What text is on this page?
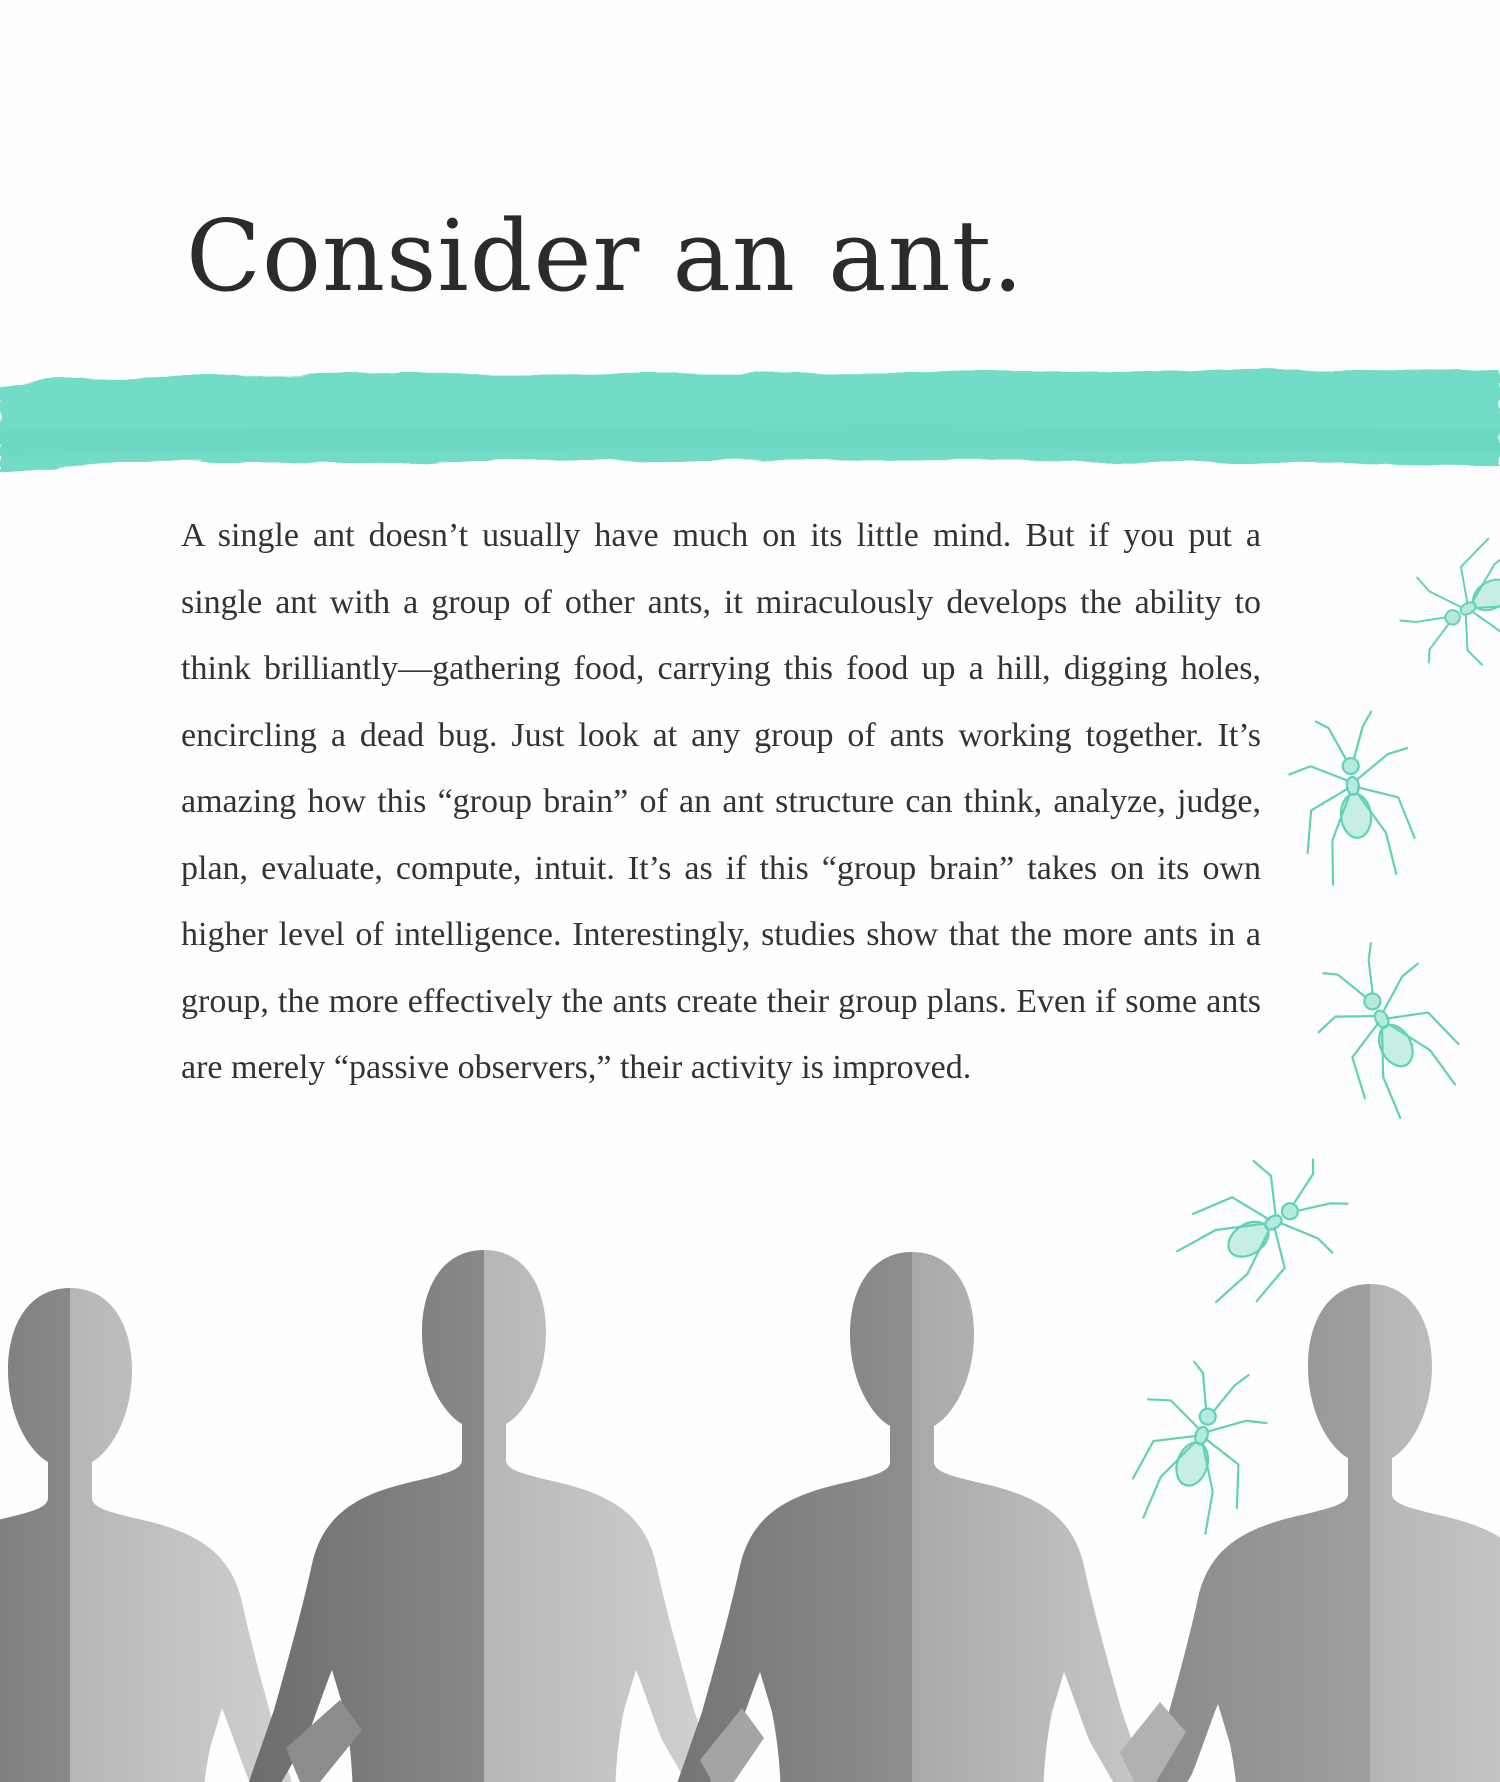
Consider an ant.

A single ant doesn’t usually have much on its little mind. But if you put a single ant with a group of other ants, it miraculously develops the ability to think brilliantly—gathering food, carrying this food up a hill, digging holes, encircling a dead bug. Just look at any group of ants working together. It’s amazing how this “group brain” of an ant structure can think, analyze, judge, plan, evaluate, compute, intuit. It’s as if this “group brain” takes on its own higher level of intelligence. Interestingly, studies show that the more ants in a group, the more effectively the ants create their group plans. Even if some ants are merely “passive observers,” their activity is improved.
